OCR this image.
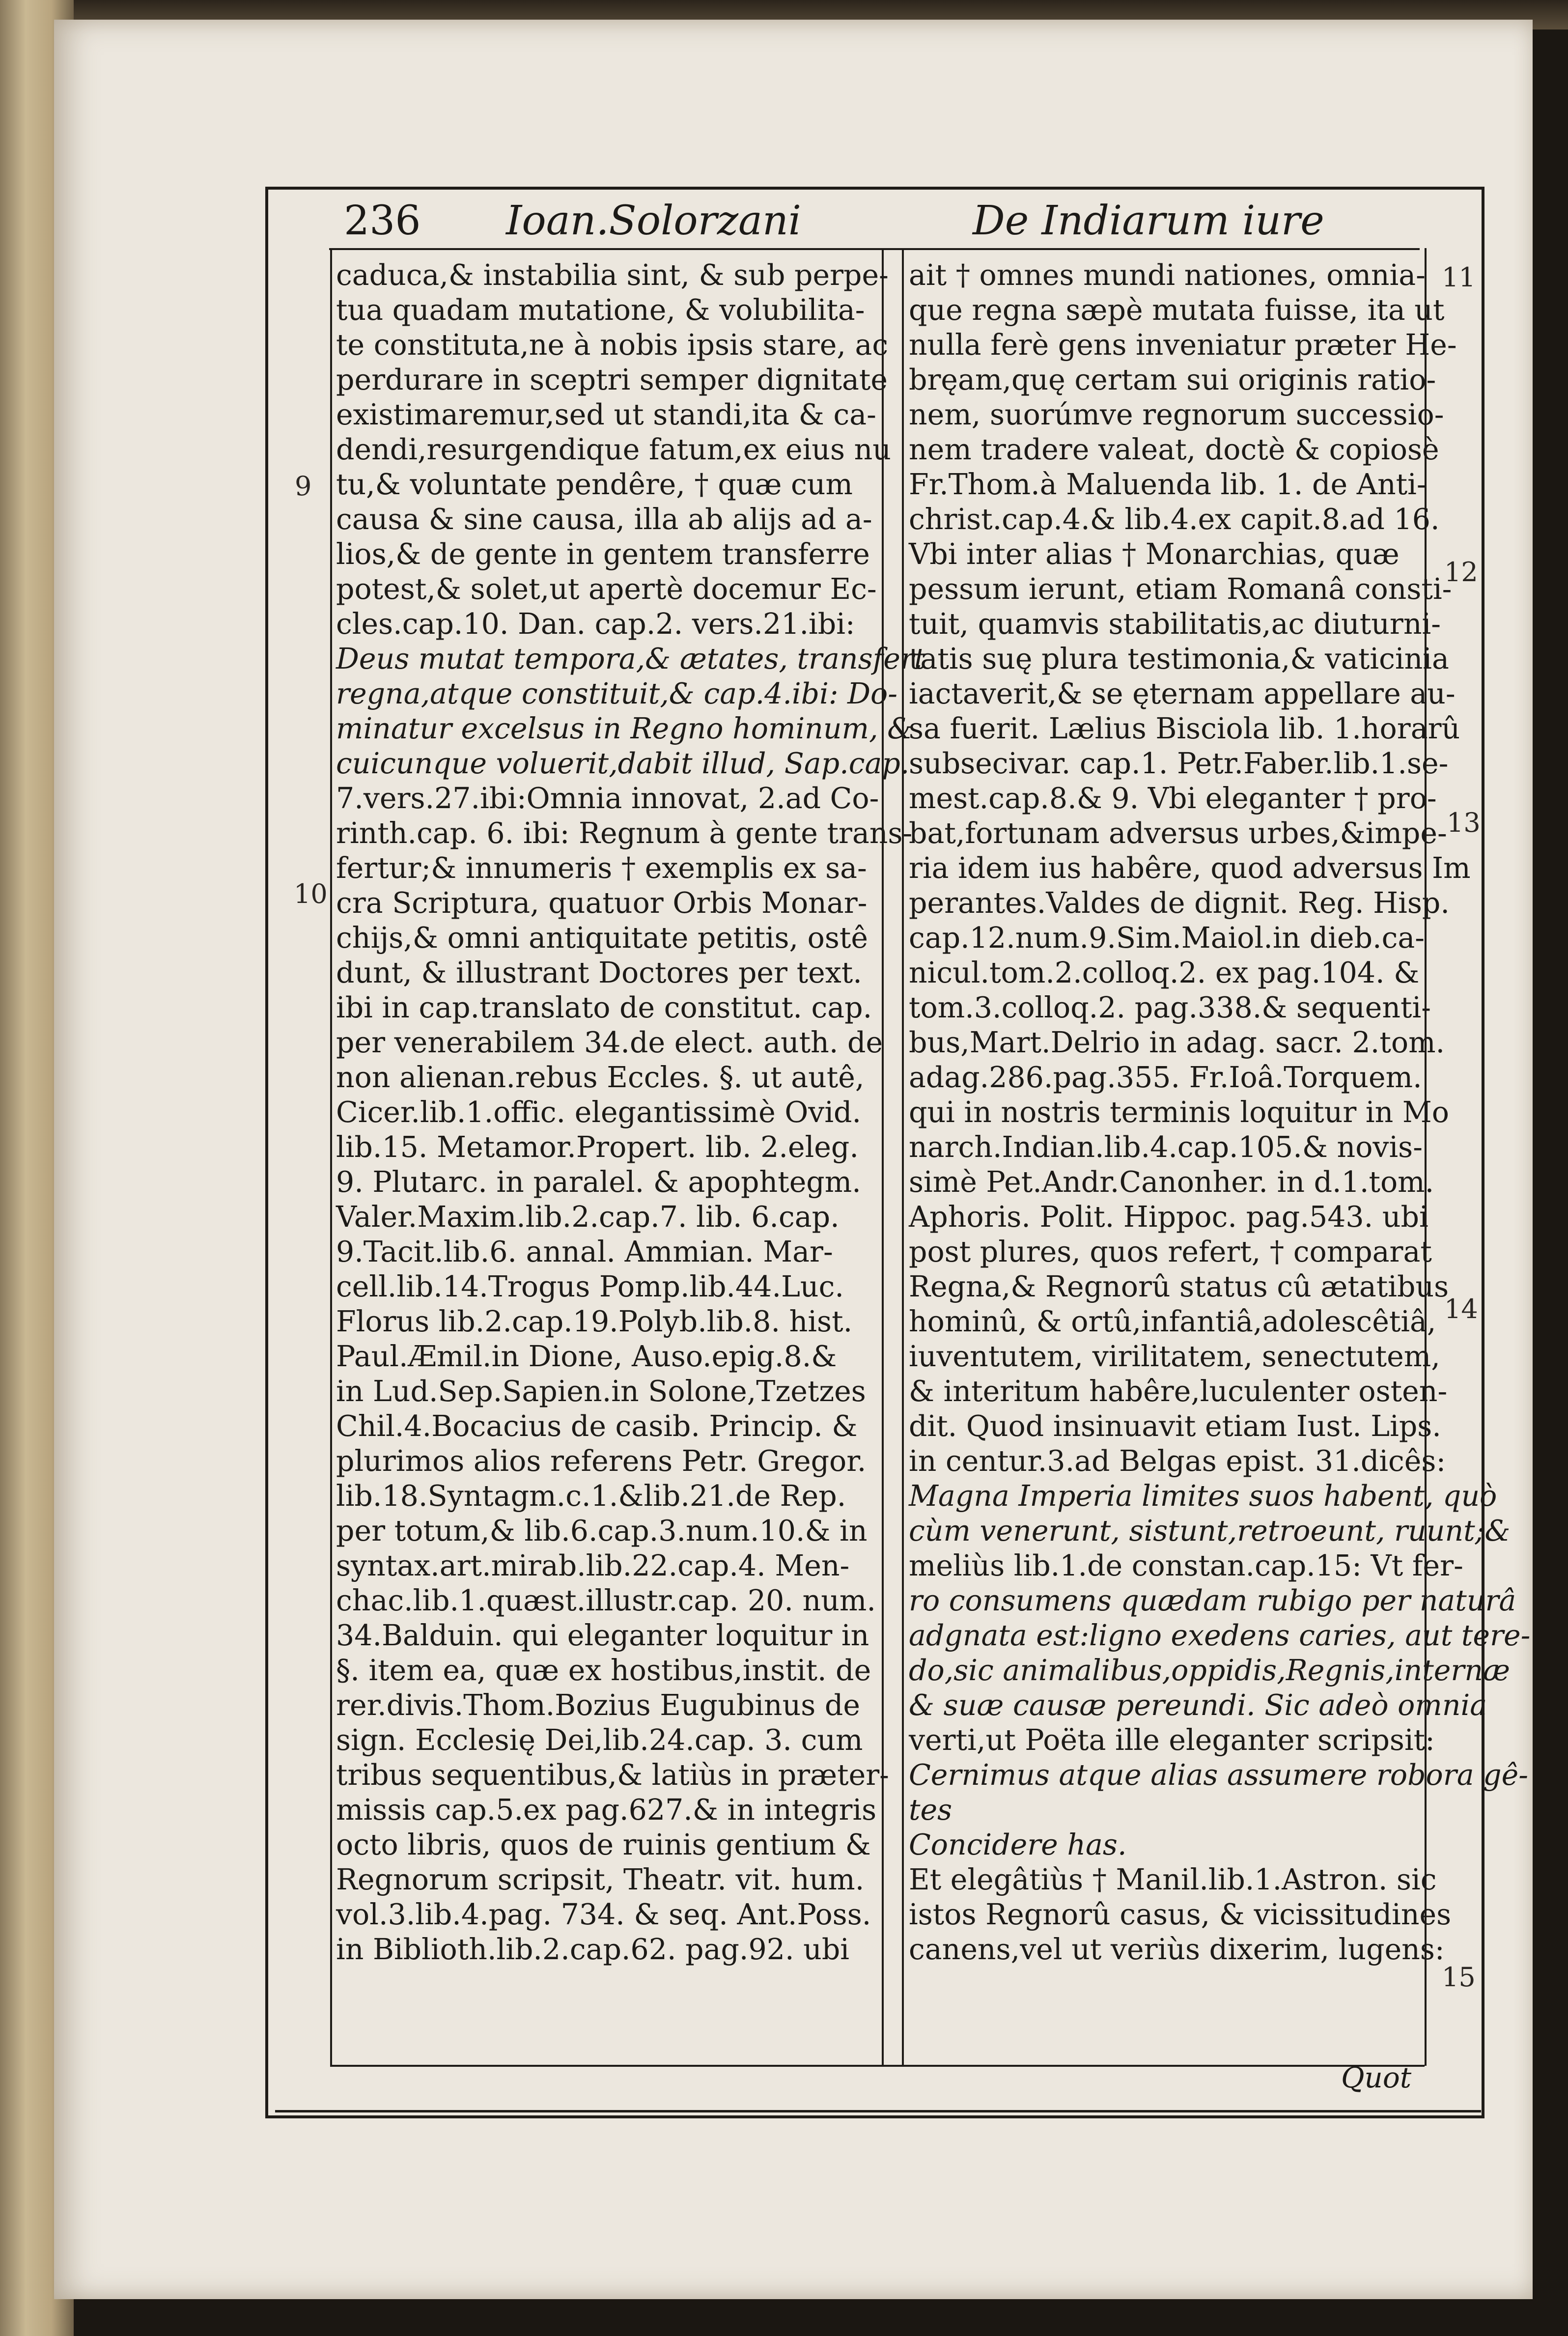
236 Ioan.Solorzani	De Indiarum iure
caduca,& instabilia sint, & sub perpe-
tua quadam mutatione, & volubilita-
te constituta,ne à nobis ipsis stare, ac
perdurare in sceptri semper dignitate
existimaremur,sed ut standi,ita & ca-
dendi,resurgendique fatum,ex eius nu
tu,& voluntate pendêre, † quæ cum
causa & sine causa, illa ab alijs ad a-
lios,& de gente in gentem transferre
potest,& solet,ut apertè docemur Ec-
cles.cap.10. Dan. cap.2. vers.21.ibi:
Deus mutat tempora,& ætates, transfert
regna,atque constituit,& cap.4.ibi: Do-
minatur excelsus in Regno hominum, &
cuicunque voluerit,dabit illud, Sap.cap.
7.vers.27.ibi:Omnia innovat, 2.ad Co-
rinth.cap. 6. ibi: Regnum à gente trans-
fertur;& innumeris † exemplis ex sa-
cra Scriptura, quatuor Orbis Monar-
chijs,& omni antiquitate petitis, ostê
dunt, & illustrant Doctores per text.
ibi in cap.translato de constitut. cap.
per venerabilem 34.de elect. auth. de
non alienan.rebus Eccles. §. ut autê,
Cicer.lib.1.offic. elegantissimè Ovid.
lib.15. Metamor.Propert. lib. 2.eleg.
9. Plutarc. in paralel. & apophtegm.
Valer.Maxim.lib.2.cap.7. lib. 6.cap.
9.Tacit.lib.6. annal. Ammian. Mar-
cell.lib.14.Trogus Pomp.lib.44.Luc.
Florus lib.2.cap.19.Polyb.lib.8. hist.
Paul.Æmil.in Dione, Auso.epig.8.&
in Lud.Sep.Sapien.in Solone,Tzetzes
Chil.4.Bocacius de casib. Princip. &
plurimos alios referens Petr. Gregor.
lib.18.Syntagm.c.1.&lib.21.de Rep.
per totum,& lib.6.cap.3.num.10.& in
syntax.art.mirab.lib.22.cap.4. Men-
chac.lib.1.quæst.illustr.cap. 20. num.
34.Balduin. qui eleganter loquitur in
§. item ea, quæ ex hostibus,instit. de
rer.divis.Thom.Bozius Eugubinus de
sign. Ecclesię Dei,lib.24.cap. 3. cum
tribus sequentibus,& latiùs in præter-
missis cap.5.ex pag.627.& in integris
octo libris, quos de ruinis gentium &
Regnorum scripsit, Theatr. vit. hum.
vol.3.lib.4.pag. 734. & seq. Ant.Poss.
in Biblioth.lib.2.cap.62. pag.92. ubi
ait † omnes mundi nationes, omnia-
que regna sæpè mutata fuisse, ita ut
nulla ferè gens inveniatur præter He-
bręam,quę certam sui originis ratio-
nem, suorúmve regnorum successio-
nem tradere valeat, doctè & copiosè
Fr.Thom.à Maluenda lib. 1. de Anti-
christ.cap.4.& lib.4.ex capit.8.ad 16.
Vbi inter alias † Monarchias, quæ
pessum ierunt, etiam Romanâ consti-
tuit, quamvis stabilitatis,ac diuturni-
tatis suę plura testimonia,& vaticinia
iactaverit,& se ęternam appellare au-
sa fuerit. Lælius Bisciola lib. 1.horarû
subsecivar. cap.1. Petr.Faber.lib.1.se-
mest.cap.8.& 9. Vbi eleganter † pro-
bat,fortunam adversus urbes,&impe-
ria idem ius habêre, quod adversus Im
perantes.Valdes de dignit. Reg. Hisp.
cap.12.num.9.Sim.Maiol.in dieb.ca-
nicul.tom.2.colloq.2. ex pag.104. &
tom.3.colloq.2. pag.338.& sequenti-
bus,Mart.Delrio in adag. sacr. 2.tom.
adag.286.pag.355. Fr.Ioâ.Torquem.
qui in nostris terminis loquitur in Mo
narch.Indian.lib.4.cap.105.& novis-
simè Pet.Andr.Canonher. in d.1.tom.
Aphoris. Polit. Hippoc. pag.543. ubi
post plures, quos refert, † comparat
Regna,& Regnorû status cû ætatibus
hominû, & ortû,infantiâ,adolescêtiâ,
iuventutem, virilitatem, senectutem,
& interitum habêre,luculenter osten-
dit. Quod insinuavit etiam Iust. Lips.
in centur.3.ad Belgas epist. 31.dicês:
Magna Imperia limites suos habent, quò
cùm venerunt, sistunt,retroeunt, ruunt;&
meliùs lib.1.de constan.cap.15: Vt fer-
ro consumens quædam rubigo per naturâ
adgnata est:ligno exedens caries, aut tere-
do,sic animalibus,oppidis,Regnis,internæ
& suæ causæ pereundi. Sic adeò omnia
verti,ut Poëta ille eleganter scripsit:
Cernimus atque alias assumere robora gê-
tes
Concidere has.
Et elegâtiùs † Manil.lib.1.Astron. sic
istos Regnorû casus, & vicissitudines
canens,vel ut veriùs dixerim, lugens:
9
10
11
12
13
14
15
Quot
